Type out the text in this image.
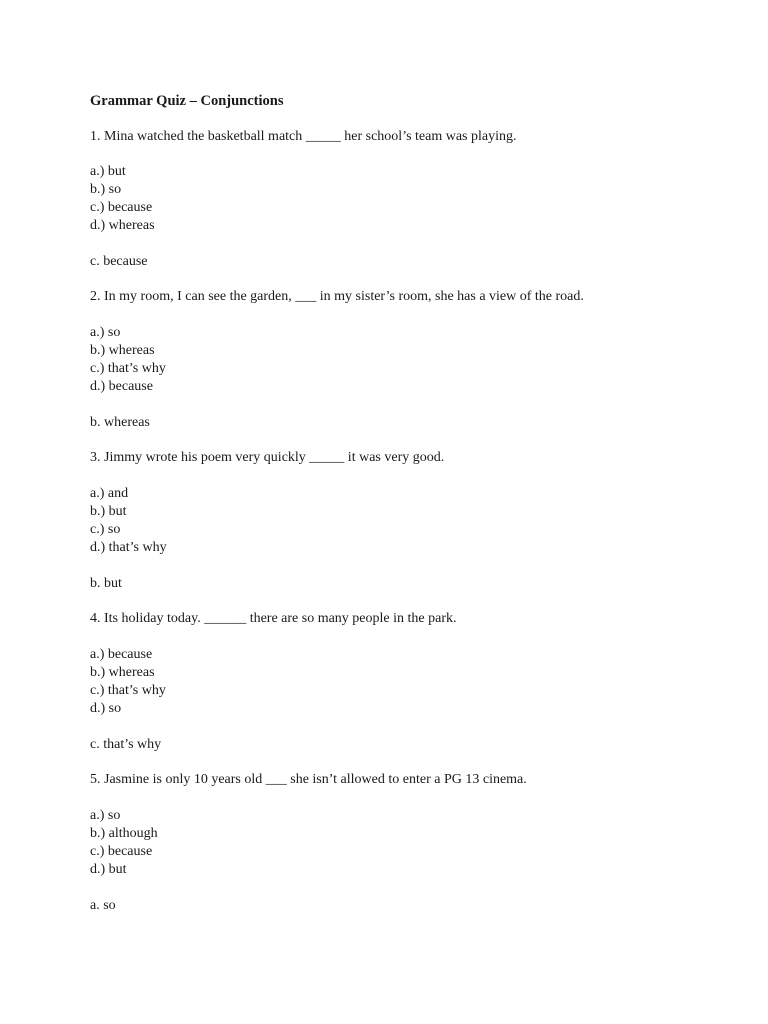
Grammar Quiz – Conjunctions
1. Mina watched the basketball match _____ her school’s team was playing.
a.) but
b.) so
c.) because
d.) whereas
c. because
2. In my room, I can see the garden, ___ in my sister’s room, she has a view of the road.
a.) so
b.) whereas
c.) that’s why
d.) because
b. whereas
3. Jimmy wrote his poem very quickly _____ it was very good.
a.) and
b.) but
c.) so
d.) that’s why
b. but
4. Its holiday today. ______ there are so many people in the park.
a.) because
b.) whereas
c.) that’s why
d.) so
c. that’s why
5. Jasmine is only 10 years old ___ she isn’t allowed to enter a PG 13 cinema.
a.) so
b.) although
c.) because
d.) but
a. so
